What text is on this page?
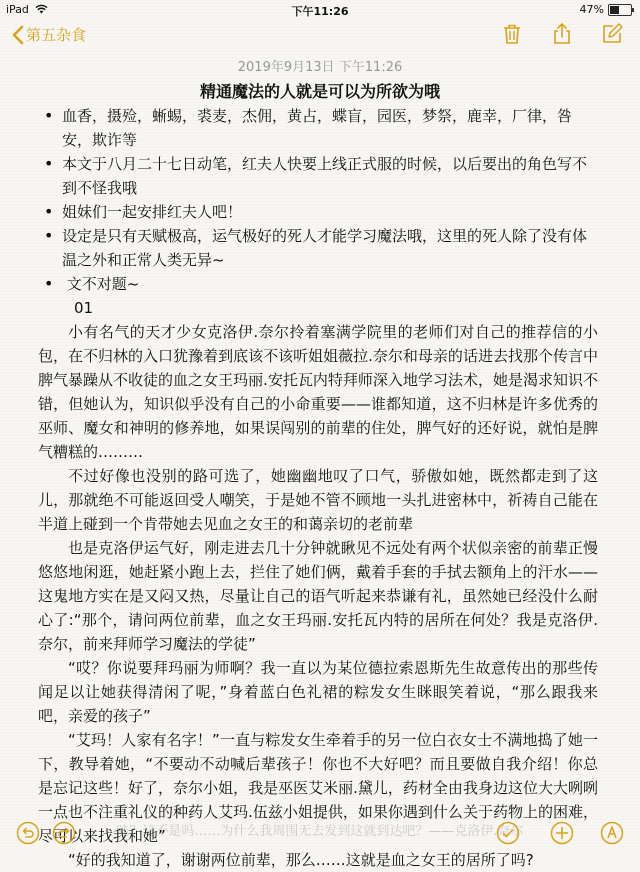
iPad	下午11:26	47%
第五杂食
2019年9月13日 下午11:26
精通魔法的人就是可以为所欲为哦
• 血香，摄殓，蜥蜴，裘麦，杰佣，黄占，蝶盲，园医，梦祭，鹿幸，厂律，咎安，欺诈等
• 本文于八月二十七日动笔，红夫人快要上线正式服的时候，以后要出的角色写不到不怪我哦
• 姐妹们一起安排红夫人吧！
• 设定是只有天赋极高，运气极好的死人才能学习魔法哦，这里的死人除了没有体温之外和正常人类无异~
•  文不对题~
01

小有名气的天才少女克洛伊.奈尔拎着塞满学院里的老师们对自己的推荐信的小包，在不归林的入口犹豫着到底该不该听姐姐薇拉.奈尔和母亲的话进去找那个传言中脾气暴躁从不收徒的血之女王玛丽.安托瓦内特拜师深入地学习法术，她是渴求知识不错，但她认为，知识似乎没有自己的小命重要——谁都知道，这不归林是许多优秀的巫师、魔女和神明的修养地，如果误闯别的前辈的住处，脾气好的还好说，就怕是脾气糟糕的………

不过好像也没别的路可选了，她幽幽地叹了口气，骄傲如她，既然都走到了这儿，那就绝不可能返回受人嘲笑，于是她不管不顾地一头扎进密林中，祈祷自己能在半道上碰到一个肯带她去见血之女王的和蔼亲切的老前辈

也是克洛伊运气好，刚走进去几十分钟就瞅见不远处有两个状似亲密的前辈正慢悠悠地闲逛，她赶紧小跑上去，拦住了她们俩，戴着手套的手拭去额角上的汗水——这鬼地方实在是又闷又热，尽量让自己的语气听起来恭谦有礼，虽然她已经没什么耐心了:“那个，请问两位前辈，血之女王玛丽.安托瓦内特的居所在何处？我是克洛伊.奈尔，前来拜师学习魔法的学徒”

“哎？你说要拜玛丽为师啊？我一直以为某位德拉索恩斯先生故意传出的那些传闻足以让她获得清闲了呢，”身着蓝白色礼裙的粽发女生眯眼笑着说，“那么跟我来吧，亲爱的孩子”

“艾玛！人家有名字！”一直与粽发女生牵着手的另一位白衣女士不满地捣了她一下，教导着她，“不要动不动喊后辈孩子！你也不大好吧？而且要做自我介绍！你总是忘记这些！好了，奈尔小姐，我是巫医艾米丽.黛儿，药材全由我身边这位大大咧咧一点也不注重礼仪的种药人艾玛.伍兹小姐提供，如果你遇到什么关于药物上的困难，尽可以来找我和她”

“好的我知道了，谢谢两位前辈，那么……这就是血之女王的居所了吗?

哇？这不是吗……为什么我周围无去发到这就到达吧？——克洛伊.奈尔
